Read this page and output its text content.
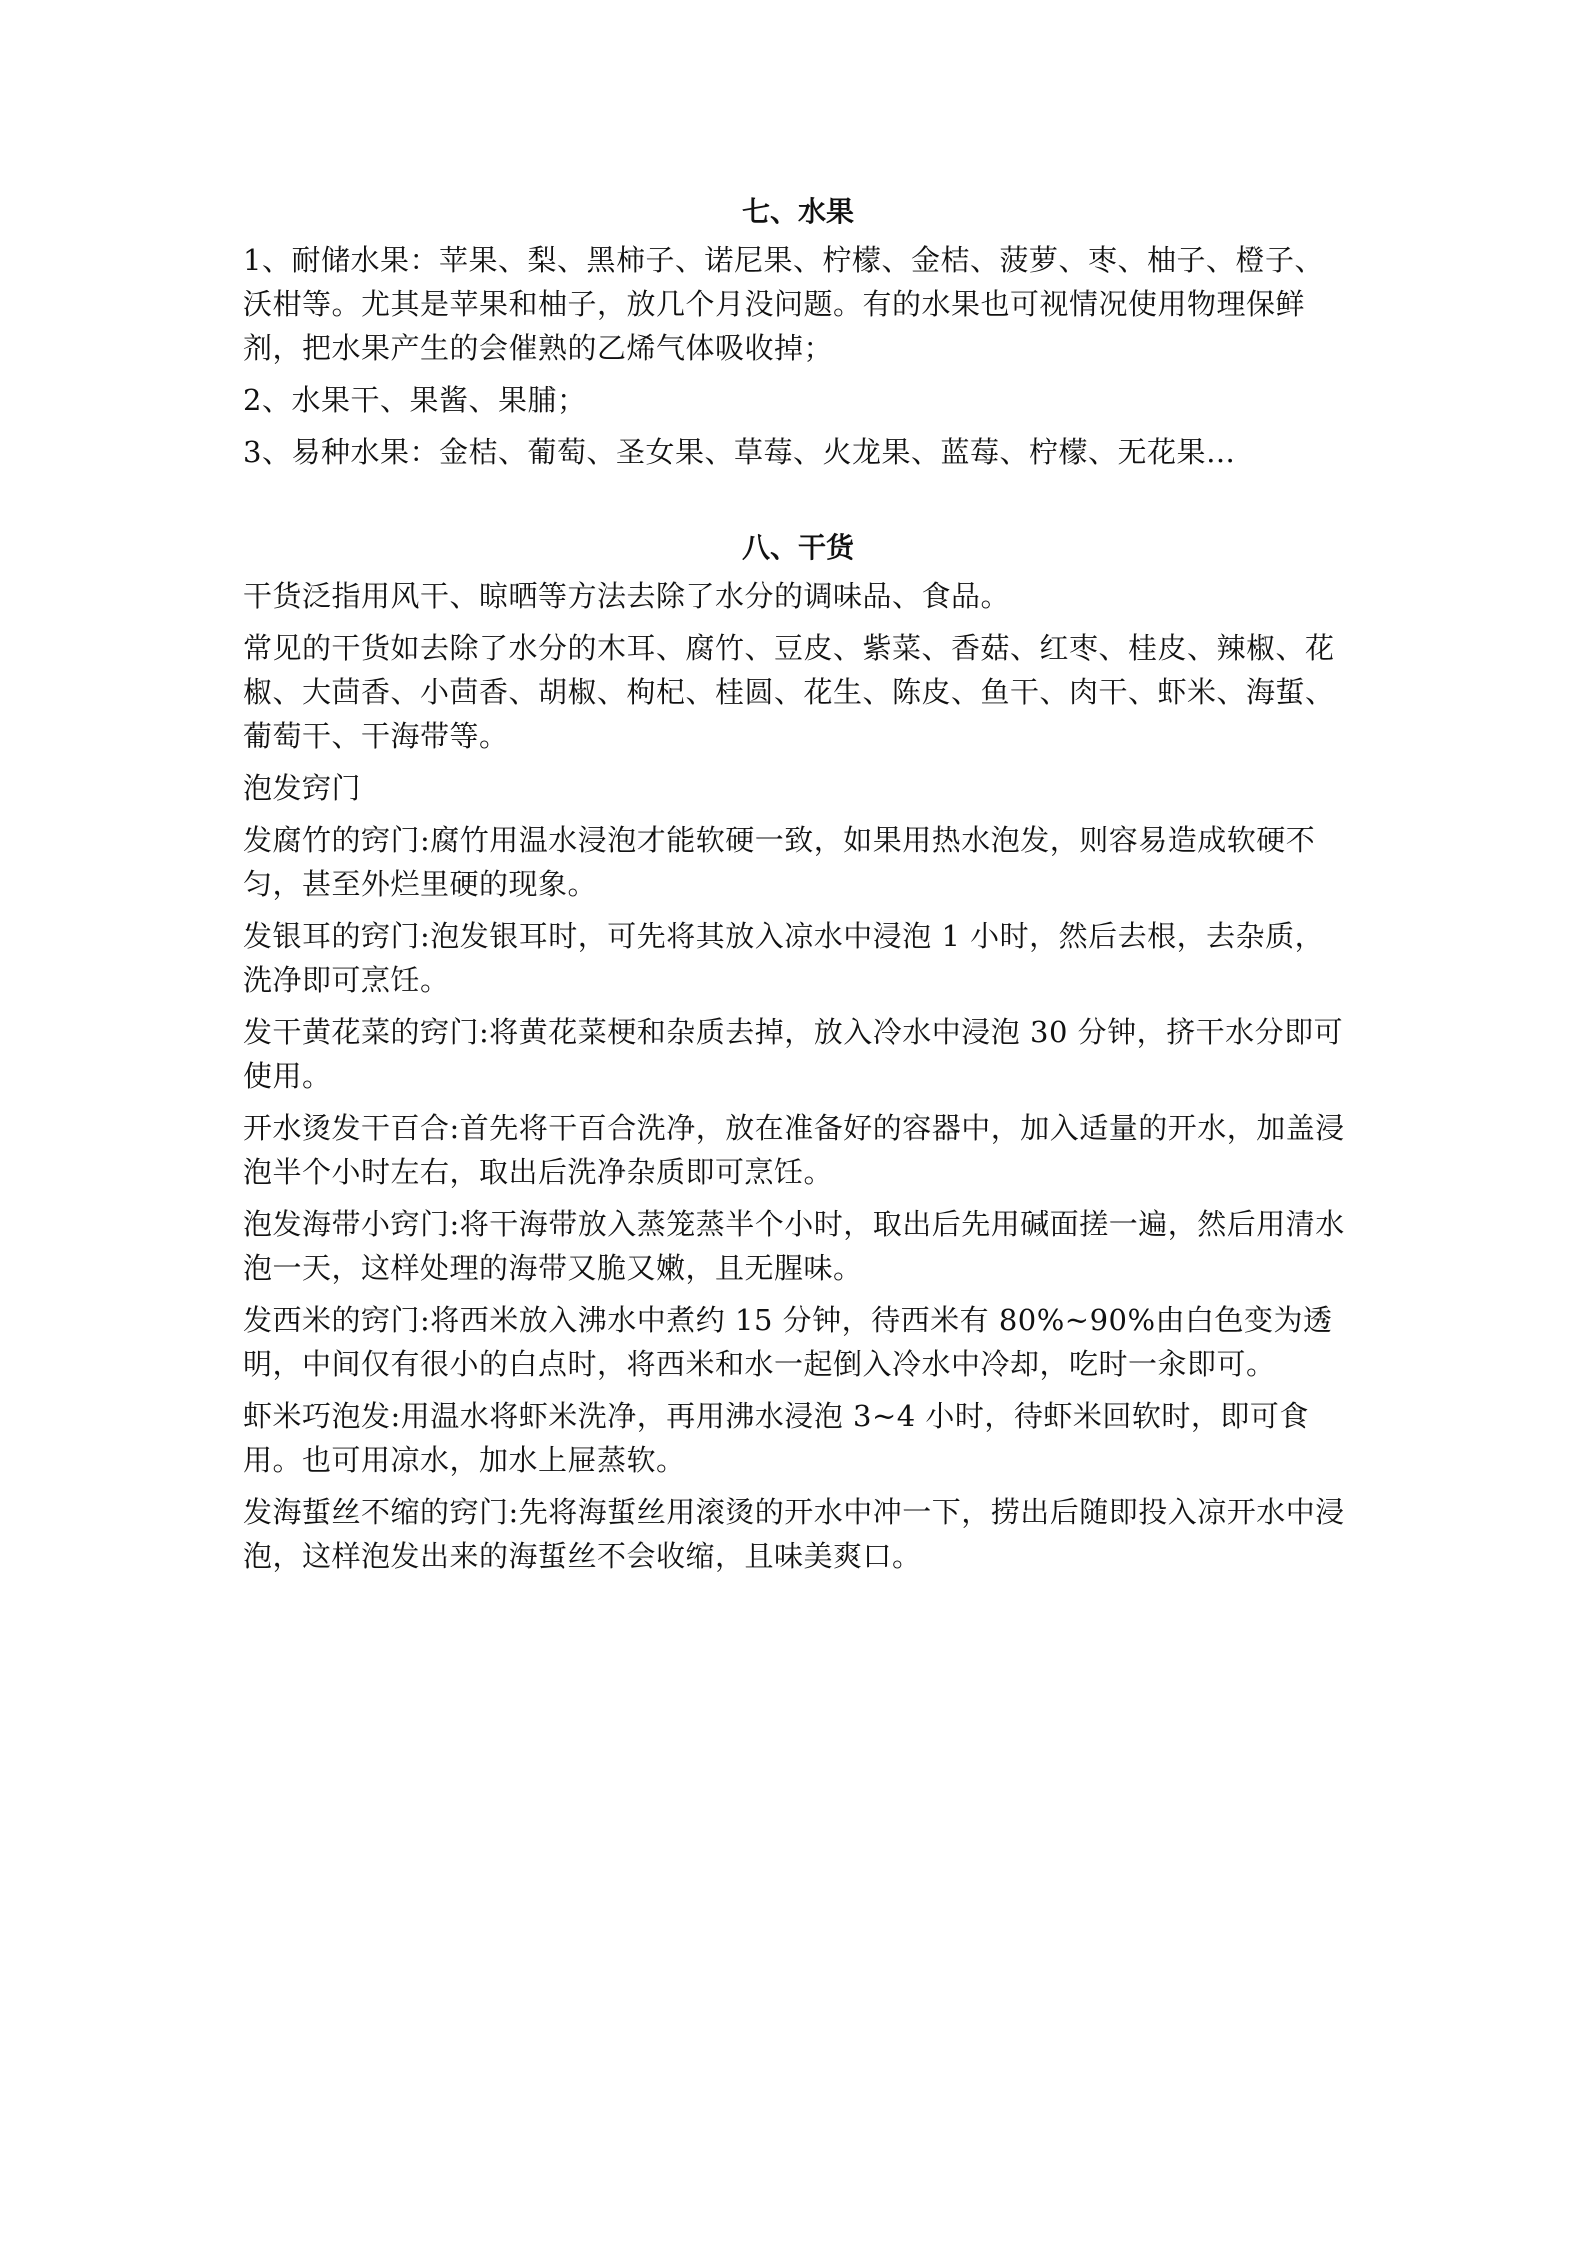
七、水果

1、耐储水果：苹果、梨、黑柿子、诺尼果、柠檬、金桔、菠萝、枣、柚子、橙子、沃柑等。尤其是苹果和柚子，放几个月没问题。有的水果也可视情况使用物理保鲜剂，把水果产生的会催熟的乙烯气体吸收掉；

2、水果干、果酱、果脯；

3、易种水果：金桔、葡萄、圣女果、草莓、火龙果、蓝莓、柠檬、无花果…

八、干货

干货泛指用风干、晾晒等方法去除了水分的调味品、食品。

常见的干货如去除了水分的木耳、腐竹、豆皮、紫菜、香菇、红枣、桂皮、辣椒、花椒、大茴香、小茴香、胡椒、枸杞、桂圆、花生、陈皮、鱼干、肉干、虾米、海蜇、葡萄干、干海带等。

泡发窍门

发腐竹的窍门:腐竹用温水浸泡才能软硬一致，如果用热水泡发，则容易造成软硬不匀，甚至外烂里硬的现象。

发银耳的窍门:泡发银耳时，可先将其放入凉水中浸泡 1 小时，然后去根，去杂质，洗净即可烹饪。

发干黄花菜的窍门:将黄花菜梗和杂质去掉，放入冷水中浸泡 30 分钟，挤干水分即可使用。

开水烫发干百合:首先将干百合洗净，放在准备好的容器中，加入适量的开水，加盖浸泡半个小时左右，取出后洗净杂质即可烹饪。

泡发海带小窍门:将干海带放入蒸笼蒸半个小时，取出后先用碱面搓一遍，然后用清水泡一天，这样处理的海带又脆又嫩，且无腥味。

发西米的窍门:将西米放入沸水中煮约 15 分钟，待西米有 80%~90%由白色变为透明，中间仅有很小的白点时，将西米和水一起倒入冷水中冷却，吃时一汆即可。

虾米巧泡发:用温水将虾米洗净，再用沸水浸泡 3~4 小时，待虾米回软时，即可食用。也可用凉水，加水上屉蒸软。

发海蜇丝不缩的窍门:先将海蜇丝用滚烫的开水中冲一下，捞出后随即投入凉开水中浸泡，这样泡发出来的海蜇丝不会收缩，且味美爽口。
